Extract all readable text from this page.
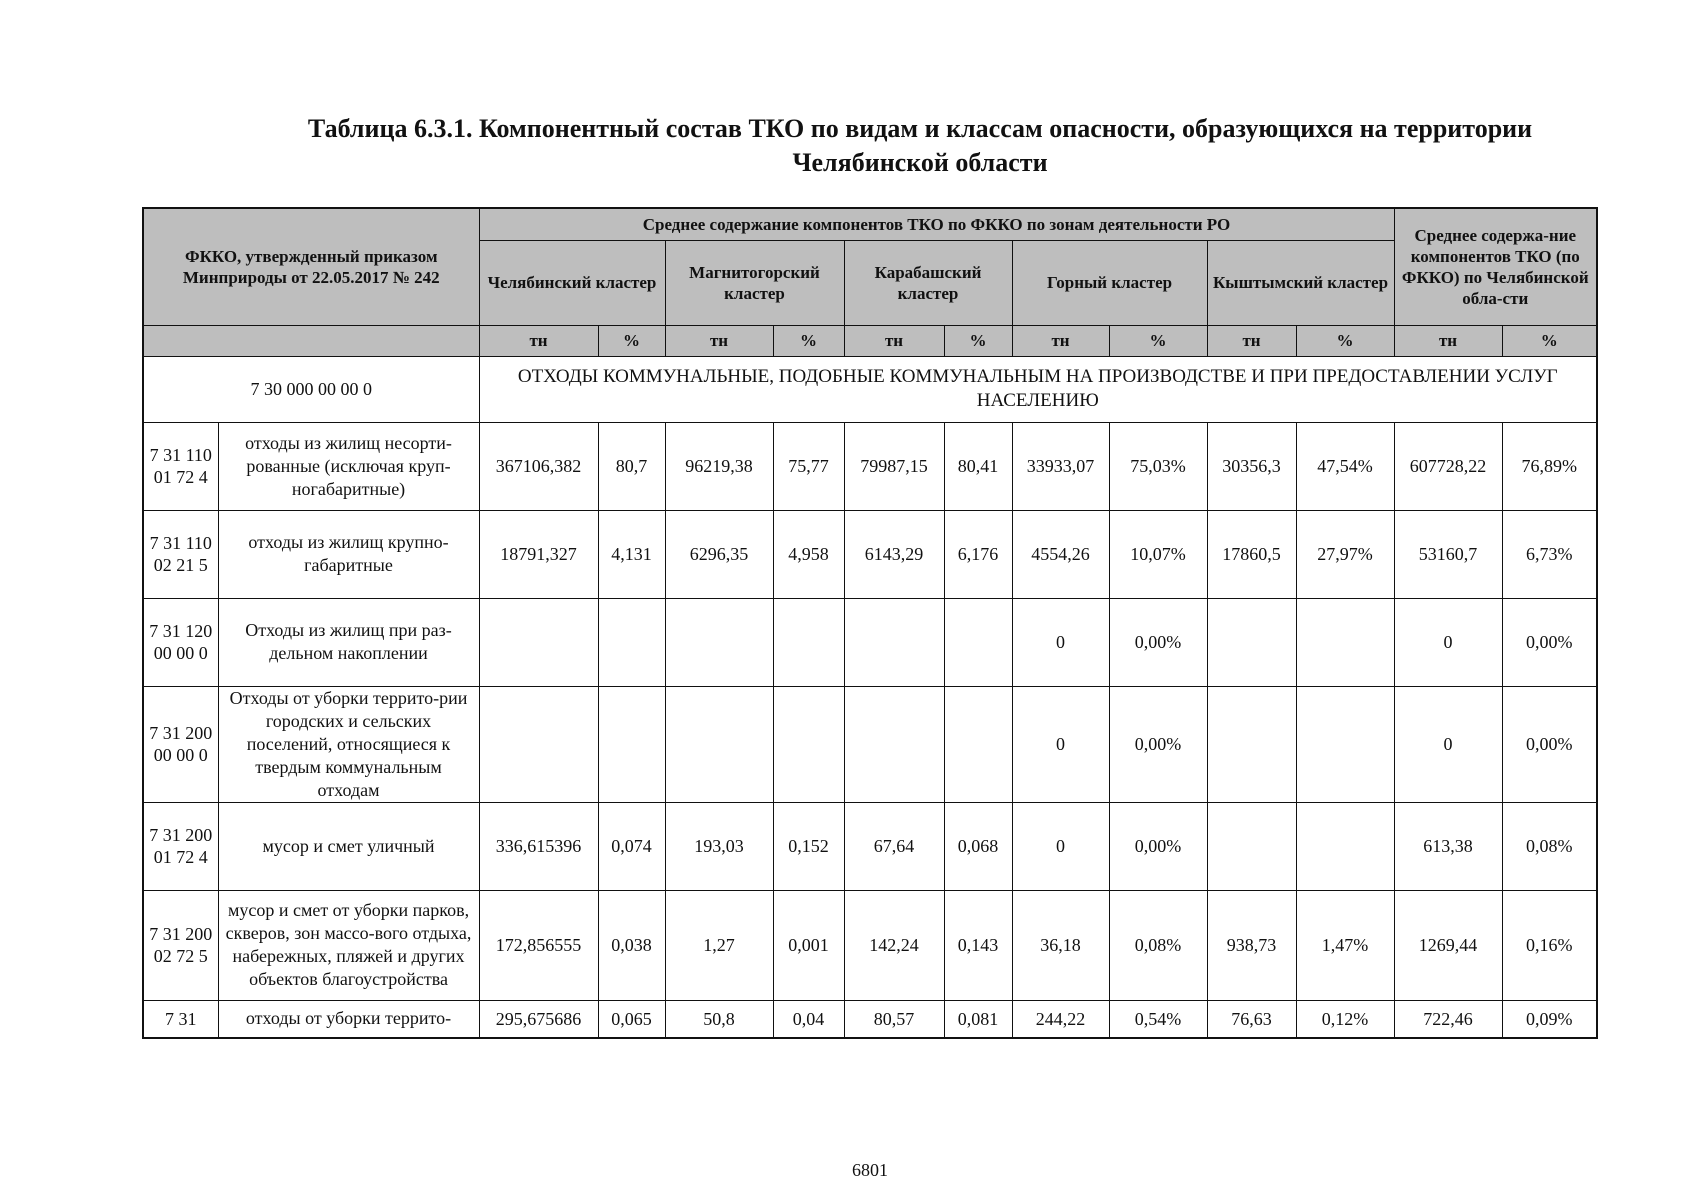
Таблица 6.3.1. Компонентный состав ТКО по видам и классам опасности, образующихся на территории Челябинской области
ФККО, утвержденный приказом Минприроды от 22.05.2017 № 242		Среднее содержание компонентов ТКО по ФККО по зонам деятельности РО										Среднее содержа-ние компонентов ТКО (по ФККО) по Челябинской обла-сти	
		Челябинский кластер		Магнитогорский кластер		Карабашский кластер		Горный кластер		Кыштымский кластер			
		тн	%	тн	%	тн	%	тн	%	тн	%	тн	%
7 30 000 00 00 0		ОТХОДЫ КОММУНАЛЬНЫЕ, ПОДОБНЫЕ КОММУНАЛЬНЫМ НА ПРОИЗВОДСТВЕ И ПРИ ПРЕДОСТАВЛЕНИИ УСЛУГ НАСЕЛЕНИЮ											
7 31 110 01 72 4	отходы из жилищ несорти-рованные (исключая круп-ногабаритные)	367106,382	80,7	96219,38	75,77	79987,15	80,41	33933,07	75,03%	30356,3	47,54%	607728,22	76,89%
7 31 110 02 21 5	отходы из жилищ крупно-габаритные	18791,327	4,131	6296,35	4,958	6143,29	6,176	4554,26	10,07%	17860,5	27,97%	53160,7	6,73%
7 31 120 00 00 0	Отходы из жилищ при раз-дельном накоплении							0	0,00%			0	0,00%
7 31 200 00 00 0	Отходы от уборки террито-рии городских и сельских поселений, относящиеся к твердым коммунальным отходам							0	0,00%			0	0,00%
7 31 200 01 72 4	мусор и смет уличный	336,615396	0,074	193,03	0,152	67,64	0,068	0	0,00%			613,38	0,08%
7 31 200 02 72 5	мусор и смет от уборки парков, скверов, зон массо-вого отдыха, набережных, пляжей и других объектов благоустройства	172,856555	0,038	1,27	0,001	142,24	0,143	36,18	0,08%	938,73	1,47%	1269,44	0,16%
7 31	отходы от уборки террито-	295,675686	0,065	50,8	0,04	80,57	0,081	244,22	0,54%	76,63	0,12%	722,46	0,09%
6801
